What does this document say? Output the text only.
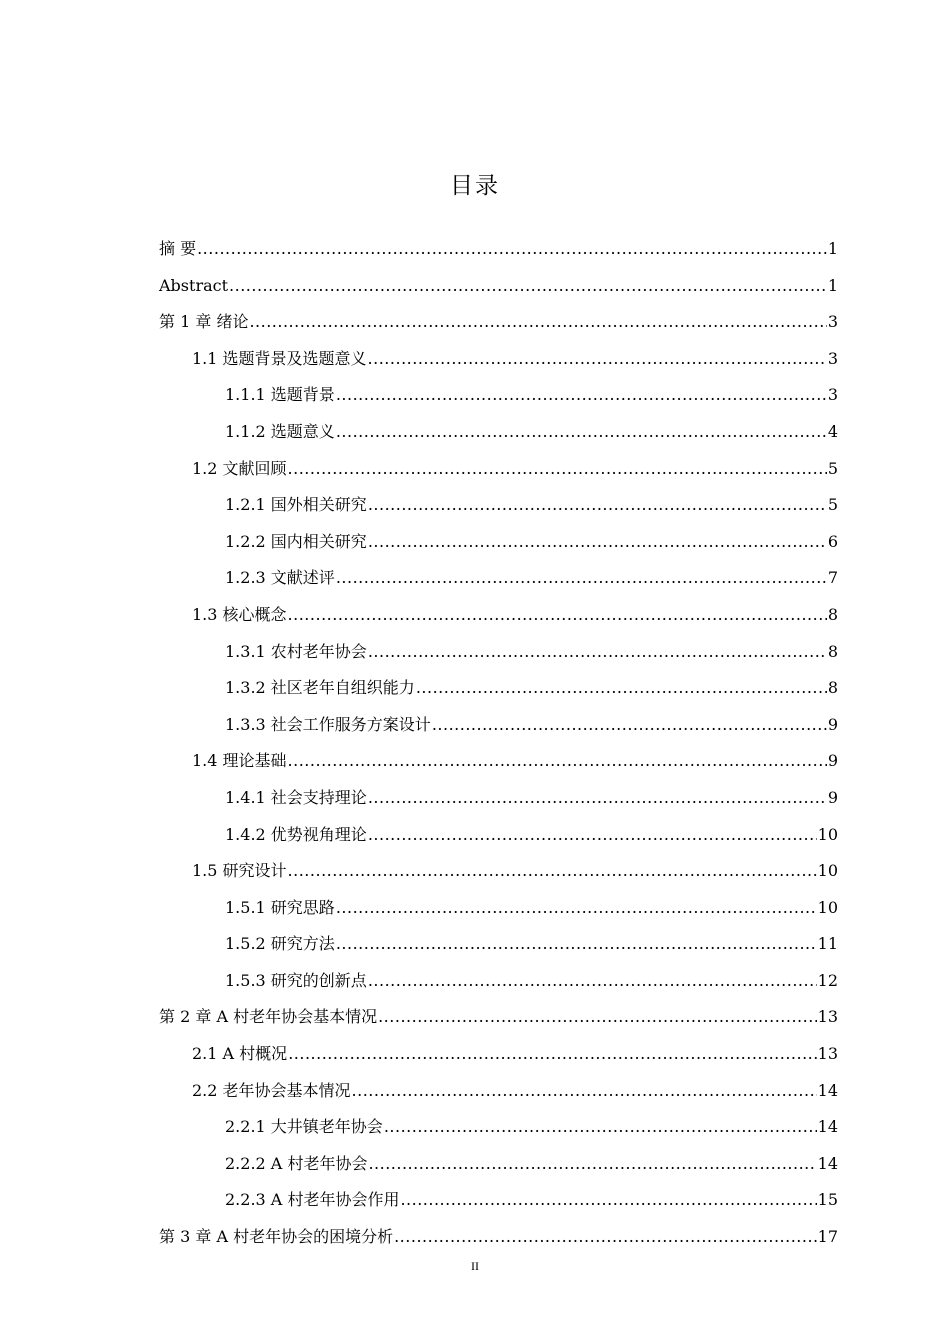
目录
摘 要 .....	1
Abstract .....	1
第 1 章 绪论 .....	3
1.1 选题背景及选题意义 .....	3
1.1.1 选题背景 .....	3
1.1.2 选题意义 .....	4
1.2 文献回顾 .....	5
1.2.1 国外相关研究 .....	5
1.2.2 国内相关研究 .....	6
1.2.3 文献述评 .....	7
1.3 核心概念 .....	8
1.3.1 农村老年协会 .....	8
1.3.2 社区老年自组织能力 .....	8
1.3.3 社会工作服务方案设计 .....	9
1.4 理论基础 .....	9
1.4.1 社会支持理论 .....	9
1.4.2 优势视角理论 .....	10
1.5 研究设计 .....	10
1.5.1 研究思路 .....	10
1.5.2 研究方法 .....	11
1.5.3 研究的创新点 .....	12
第 2 章 A 村老年协会基本情况 .....	13
2.1 A 村概况 .....	13
2.2 老年协会基本情况 .....	14
2.2.1 大井镇老年协会 .....	14
2.2.2 A 村老年协会 .....	14
2.2.3 A 村老年协会作用 .....	15
第 3 章 A 村老年协会的困境分析 .....	17
II
